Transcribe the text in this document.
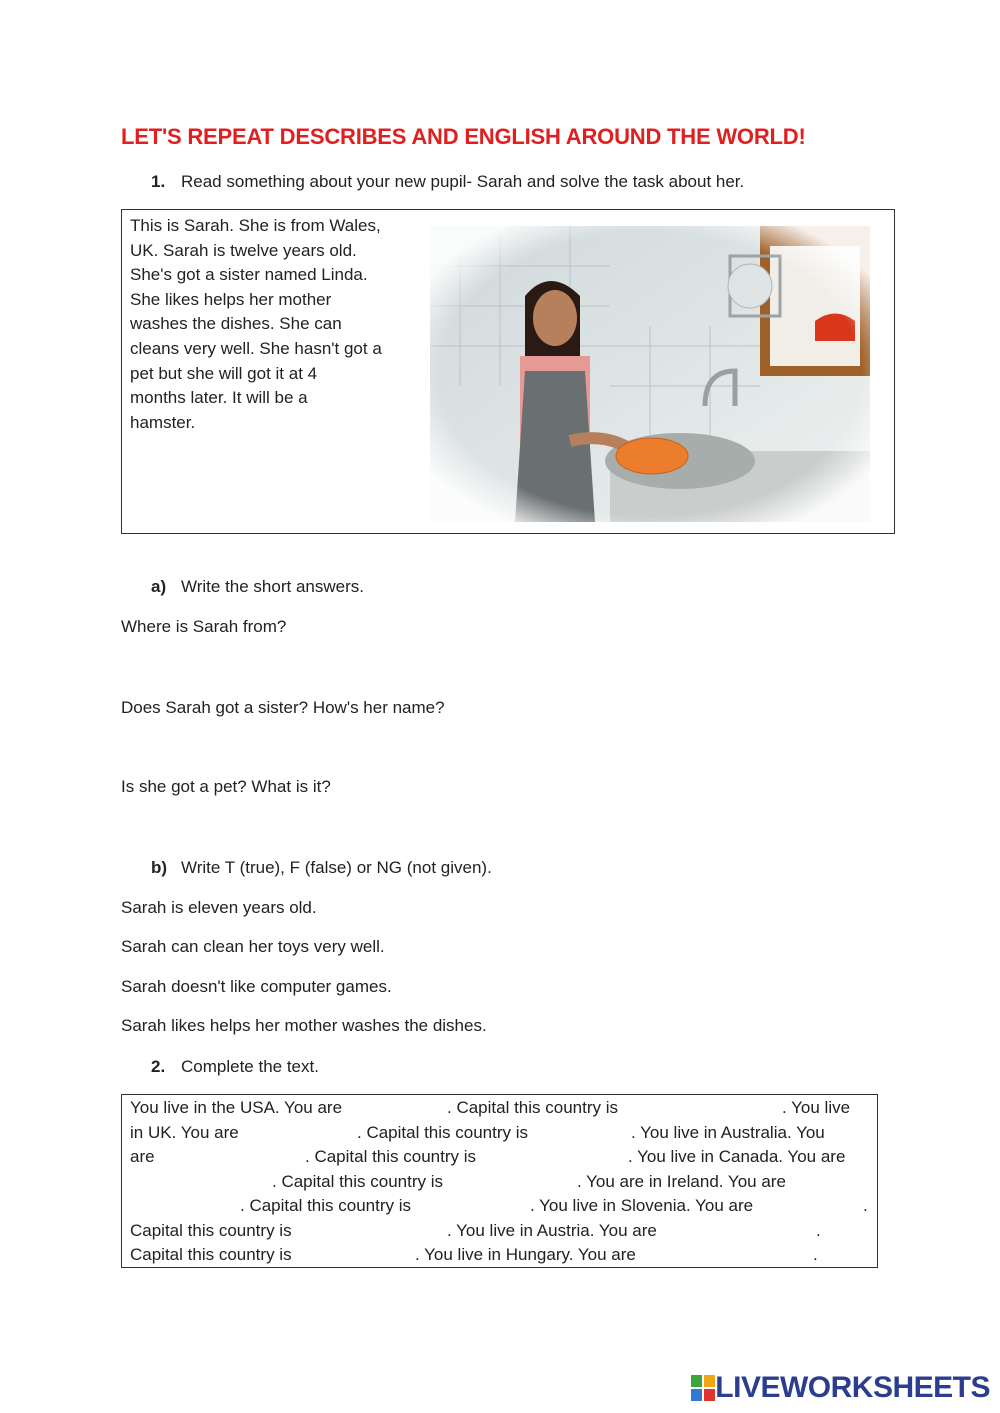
LET'S REPEAT DESCRIBES AND ENGLISH AROUND THE WORLD!
1. Read something about your new pupil- Sarah and solve the task about her.
This is Sarah. She is from Wales,
UK. Sarah is twelve years old.
She's got a sister named Linda.
She likes helps her mother
washes the dishes. She can
cleans very well. She hasn't got a
pet but she will got it at 4
months later. It will be a
hamster.
a) Write the short answers.
Where is Sarah from?
Does Sarah got a sister? How's her name?
Is she got a pet? What is it?
b) Write T (true), F (false) or NG (not given).
Sarah is eleven years old.
Sarah can clean her toys very well.
Sarah doesn't like computer games.
Sarah likes helps her mother washes the dishes.
2. Complete the text.
You live in the USA. You are	. Capital this country is	. You live
in UK. You are	. Capital this country is	. You live in Australia. You
are	. Capital this country is	. You live in Canada. You are
. Capital this country is	. You are in Ireland. You are
. Capital this country is	. You live in Slovenia. You are	.
Capital this country is	. You live in Austria. You are	.
Capital this country is	. You live in Hungary. You are	.
LIVEWORKSHEETS
